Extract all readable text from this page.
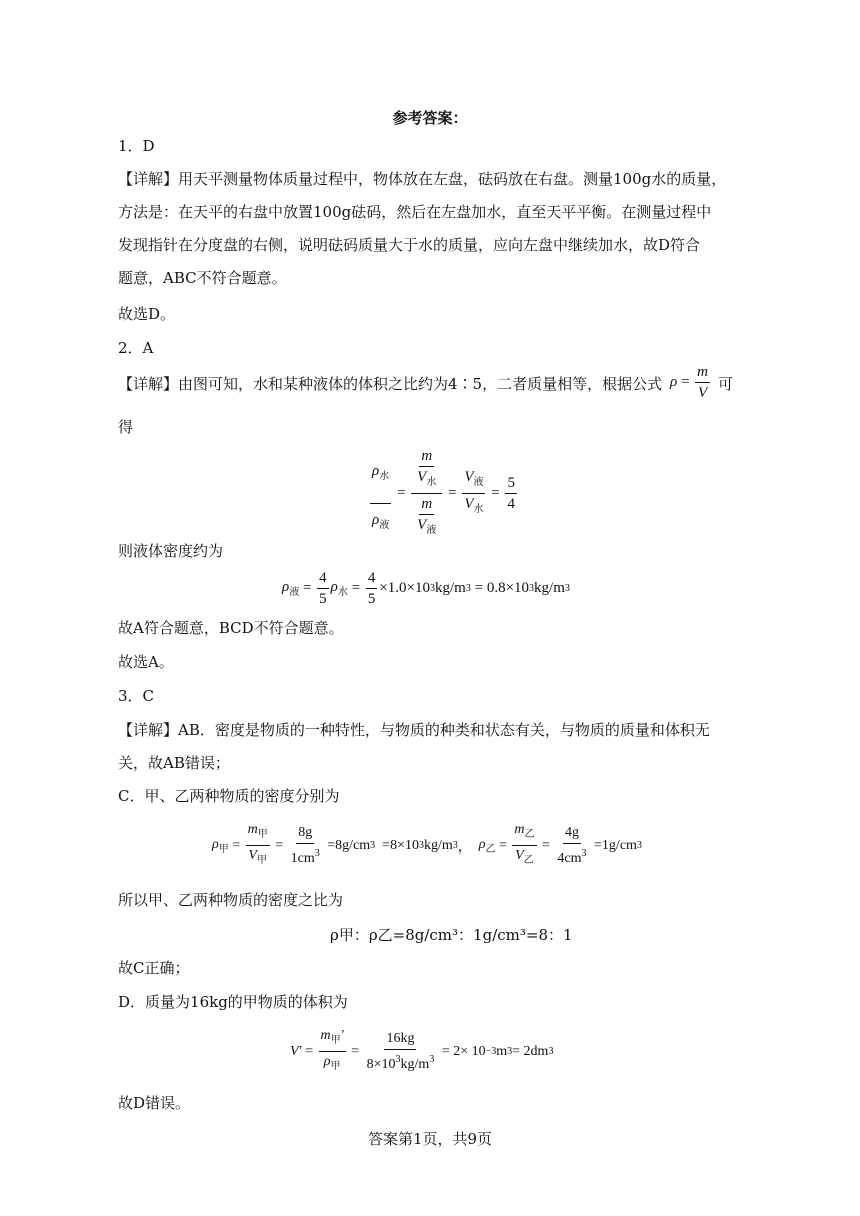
参考答案：
1．D
【详解】用天平测量物体质量过程中，物体放在左盘，砝码放在右盘。测量100g水的质量，
方法是：在天平的右盘中放置100g砝码，然后在左盘加水，直至天平平衡。在测量过程中
发现指针在分度盘的右侧，说明砝码质量大于水的质量，应向左盘中继续加水，故D符合
题意，ABC不符合题意。
故选D。
2．A
【详解】由图可知，水和某种液体的体积之比约为4∶5，二者质量相等，根据公式 $\rho = \frac{m}{V}$ 可
得
$\frac{\rho_水}{\rho_液} = \frac{\frac{m}{V_水}}{\frac{m}{V_液}} = \frac{V_液}{V_水} = \frac{5}{4}$
则液体密度约为
$\rho_液 = \frac{4}{5} \rho_水 = \frac{4}{5} \times 1.0\times 10$ 3 kg/m 3 = 0.8×10 3 kg/m 3
故A符合题意，BCD不符合题意。
故选A。
3．C
【详解】AB．密度是物质的一种特性，与物质的种类和状态有关，与物质的质量和体积无
关，故AB错误；
C．甲、乙两种物质的密度分别为
$\rho_甲 = \frac{m_甲}{V_甲} = \frac{8g}{1cm^3} =8g/cm$ 3 =8×10 3 kg/m 3 ， $\rho_乙 = \frac{m_乙}{V_乙} = \frac{4g}{4cm^3} =1g/cm$ 3
所以甲、乙两种物质的密度之比为
ρ甲：ρ乙=8g/cm³：1g/cm³=8：1
故C正确；
D．质量为16kg的甲物质的体积为
$V' = \frac{m_甲'}{\rho_甲} = \frac{16kg}{8\times 10^3kg/m^3} = 2\times 10 -3$ m 3 = 2dm 3
故D错误。
答案第1页，共9页
